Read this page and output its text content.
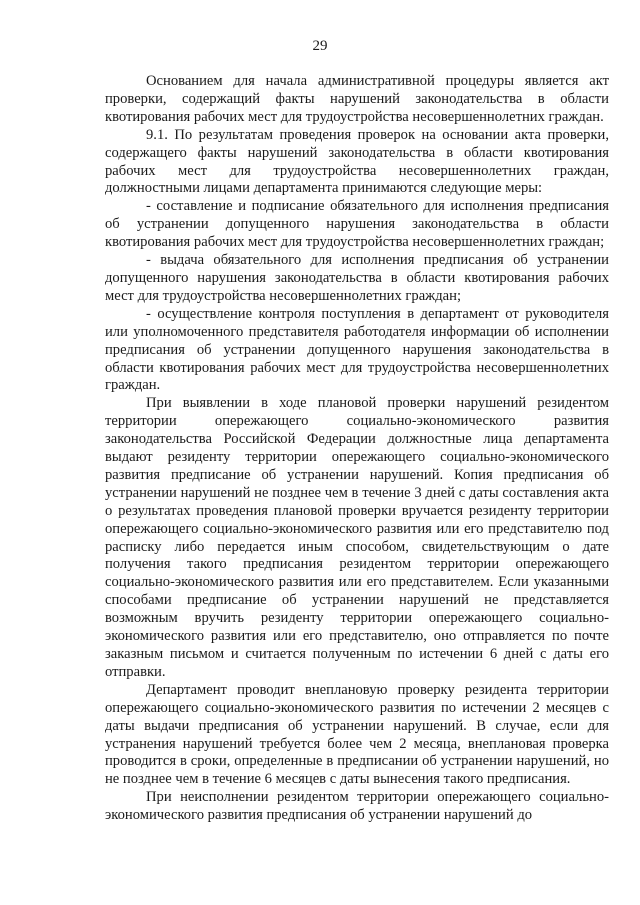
29

Основанием для начала административной процедуры является акт проверки, содержащий факты нарушений законодательства в области квотирования рабочих мест для трудоустройства несовершеннолетних граждан.

9.1. По результатам проведения проверок на основании акта проверки, содержащего факты нарушений законодательства в области квотирования рабочих мест для трудоустройства несовершеннолетних граждан, должностными лицами департамента принимаются следующие меры:

- составление и подписание обязательного для исполнения предписания об устранении допущенного нарушения законодательства в области квотирования рабочих мест для трудоустройства несовершеннолетних граждан;

- выдача обязательного для исполнения предписания об устранении допущенного нарушения законодательства в области квотирования рабочих мест для трудоустройства несовершеннолетних граждан;

- осуществление контроля поступления в департамент от руководителя или уполномоченного представителя работодателя информации об исполнении предписания об устранении допущенного нарушения законодательства в области квотирования рабочих мест для трудоустройства несовершеннолетних граждан.

При выявлении в ходе плановой проверки нарушений резидентом территории опережающего социально-экономического развития законодательства Российской Федерации должностные лица департамента выдают резиденту территории опережающего социально-экономического развития предписание об устранении нарушений. Копия предписания об устранении нарушений не позднее чем в течение 3 дней с даты составления акта о результатах проведения плановой проверки вручается резиденту территории опережающего социально-экономического развития или его представителю под расписку либо передается иным способом, свидетельствующим о дате получения такого предписания резидентом территории опережающего социально-экономического развития или его представителем. Если указанными способами предписание об устранении нарушений не представляется возможным вручить резиденту территории опережающего социально-экономического развития или его представителю, оно отправляется по почте заказным письмом и считается полученным по истечении 6 дней с даты его отправки.

Департамент проводит внеплановую проверку резидента территории опережающего социально-экономического развития по истечении 2 месяцев с даты выдачи предписания об устранении нарушений. В случае, если для устранения нарушений требуется более чем 2 месяца, внеплановая проверка проводится в сроки, определенные в предписании об устранении нарушений, но не позднее чем в течение 6 месяцев с даты вынесения такого предписания.

При неисполнении резидентом территории опережающего социально-экономического развития предписания об устранении нарушений до
